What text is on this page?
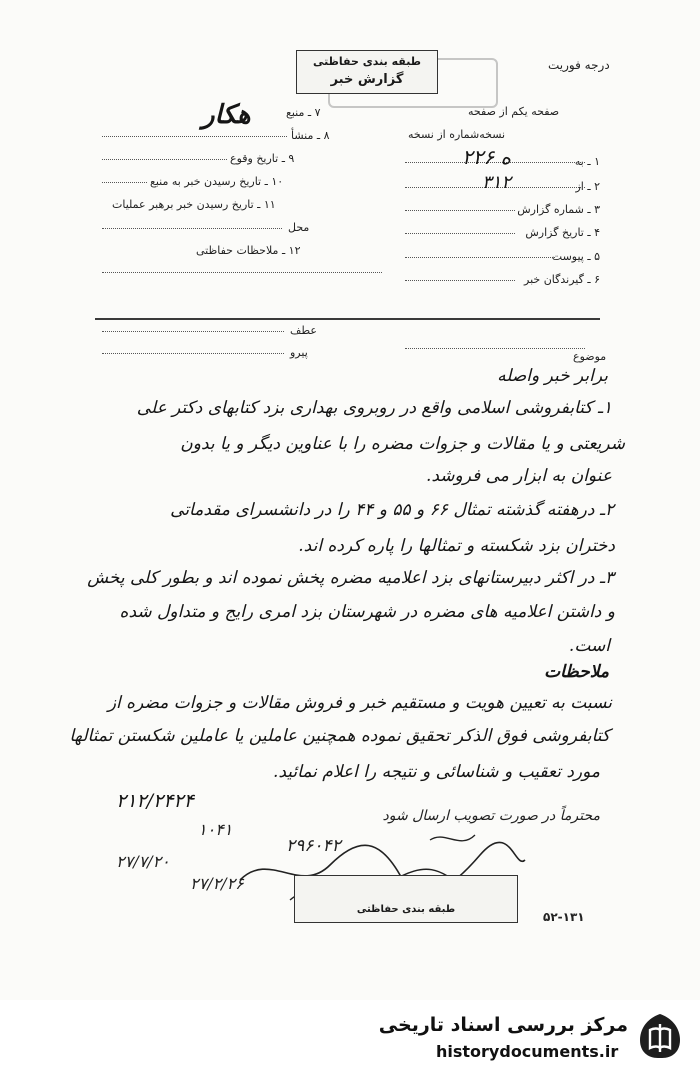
درجه فوریت
طبقه بندی حفاظتی
گزارش خبر
صفحه یکم از صفحه
نسخه‌شماره از نسخه
۱ ـ به
۲۲۶ ه
۲ ـ از
۳۱۲
۳ ـ شماره گزارش
۴ ـ تاریخ گزارش
۵ ـ پیوست
۶ ـ گیرندگان خبر
هکار	۷ ـ منبع
۸ ـ منشأ
۹ ـ تاریخ وقوع
۱۰ ـ تاریخ رسیدن خبر به منبع
۱۱ ـ تاریخ رسیدن خبر برهبر عملیات
محل
۱۲ ـ ملاحظات حفاظتی
عطف
پیرو	موضوع
برابر خبر واصله
۱ـ کتابفروشی اسلامی واقع در روبروی بهداری بزد کتابهای دکتر علی
شریعتی و یا مقالات و جزوات مضره را با عناوین دیگر و یا بدون
عنوان به ابزار می فروشد.
۲ـ درهفته گذشته تمثال ۶۶ و ۵۵ و ۴۴ را در دانشسرای مقدماتی
دختران بزد شکسته و تمثالها را پاره کرده اند.
۳ـ در اکثر دبیرستانهای بزد اعلامیه مضره پخش نموده اند و بطور کلی پخش
و داشتن اعلامیه های مضره در شهرستان بزد امری رایج و متداول شده
است.
ملاحظات
نسبت به تعیین هویت و مستقیم خبر و فروش مقالات و جزوات مضره از
کتابفروشی فوق الذکر تحقیق نموده همچنین عاملین یا عاملین شکستن تمثالها
مورد تعقیب و شناسائی و نتیجه را اعلام نمائید.
۲۱۲/۲۴۲۴
محترماً در صورت تصویب ارسال شود
۱۰۴۱
۲۹۶۰۴۲
۲۷/۷/۲۰
۲۷/۲/۲۶
طبقه بندی حفاظتی
۵۲-۱۳۱
مرکز بررسی اسناد تاریخی
historydocuments.ir
